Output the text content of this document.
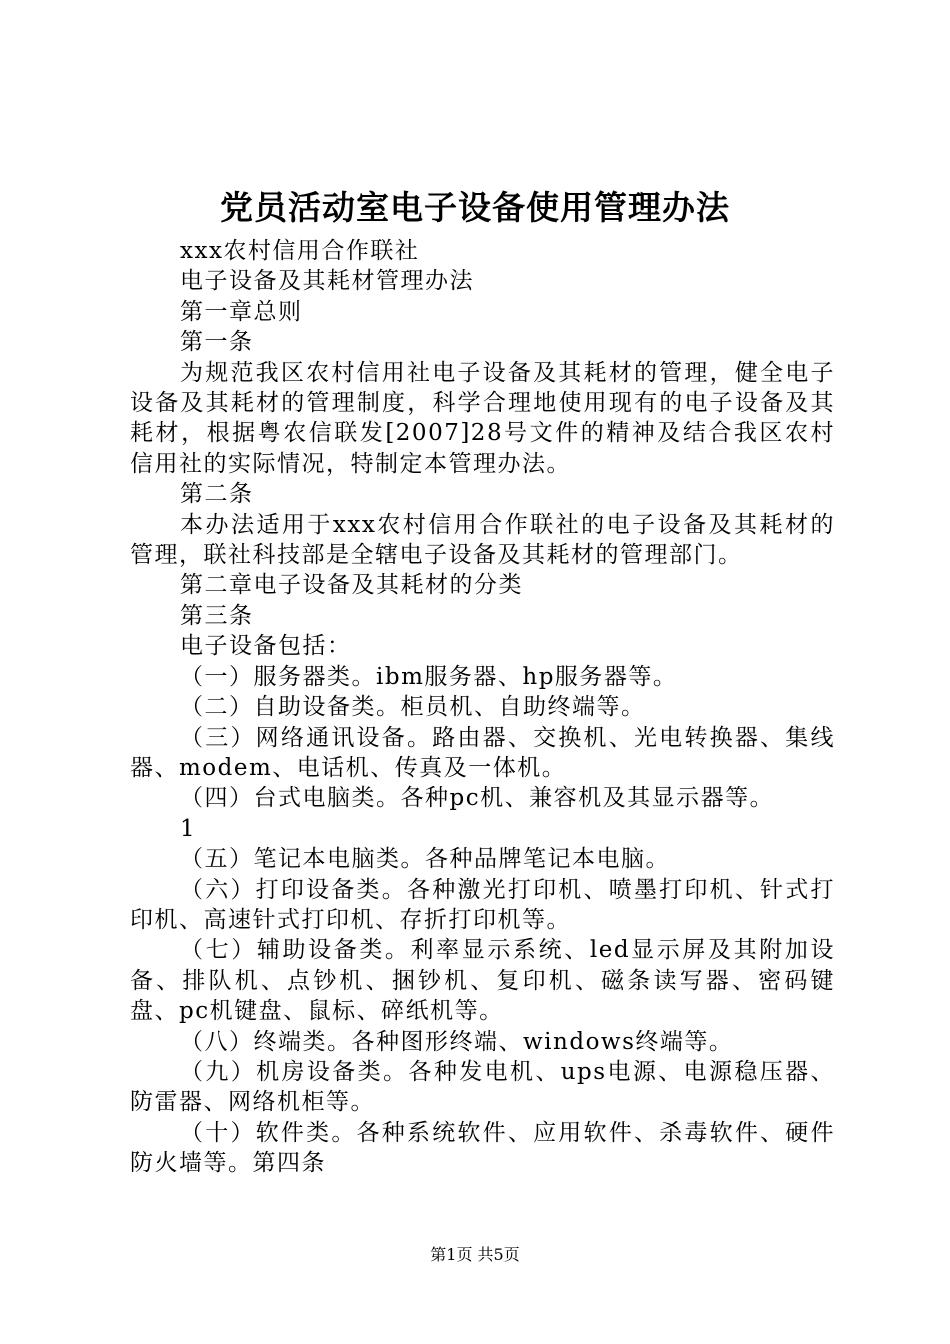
党员活动室电子设备使用管理办法

xxx农村信用合作联社

电子设备及其耗材管理办法

第一章总则

第一条

为规范我区农村信用社电子设备及其耗材的管理，健全电子设备及其耗材的管理制度，科学合理地使用现有的电子设备及其耗材，根据粤农信联发[2007]28号文件的精神及结合我区农村信用社的实际情况，特制定本管理办法。

第二条

本办法适用于xxx农村信用合作联社的电子设备及其耗材的管理，联社科技部是全辖电子设备及其耗材的管理部门。

第二章电子设备及其耗材的分类

第三条

电子设备包括：

（一）服务器类。ibm服务器、hp服务器等。

（二）自助设备类。柜员机、自助终端等。

（三）网络通讯设备。路由器、交换机、光电转换器、集线器、modem、电话机、传真及一体机。

（四）台式电脑类。各种pc机、兼容机及其显示器等。

1

（五）笔记本电脑类。各种品牌笔记本电脑。

（六）打印设备类。各种激光打印机、喷墨打印机、针式打印机、高速针式打印机、存折打印机等。

（七）辅助设备类。利率显示系统、led显示屏及其附加设备、排队机、点钞机、捆钞机、复印机、磁条读写器、密码键盘、pc机键盘、鼠标、碎纸机等。

（八）终端类。各种图形终端、windows终端等。

（九）机房设备类。各种发电机、ups电源、电源稳压器、防雷器、网络机柜等。

（十）软件类。各种系统软件、应用软件、杀毒软件、硬件防火墙等。第四条

第1页 共5页
